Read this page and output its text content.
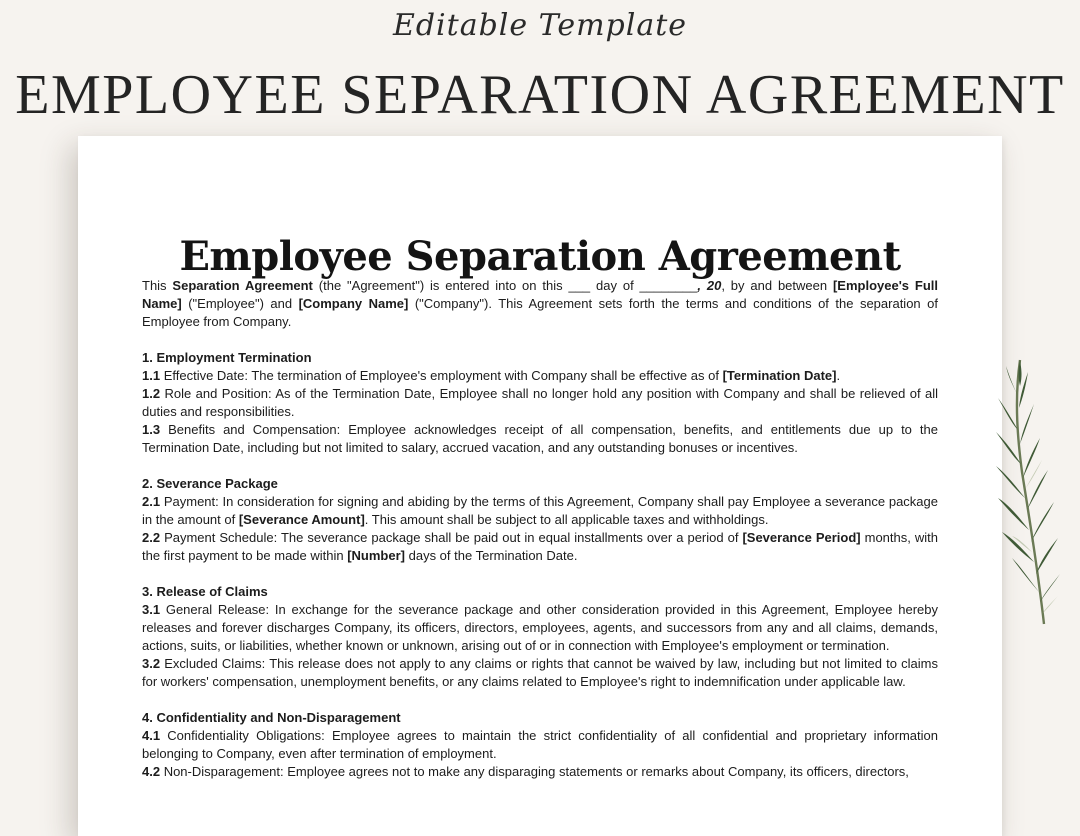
Editable Template
EMPLOYEE SEPARATION AGREEMENT
Employee Separation Agreement

This Separation Agreement (the "Agreement") is entered into on this ___ day of ________, 20, by and between [Employee's Full Name] ("Employee") and [Company Name] ("Company"). This Agreement sets forth the terms and conditions of the separation of Employee from Company.

1. Employment Termination

1.1 Effective Date: The termination of Employee's employment with Company shall be effective as of [Termination Date].

1.2 Role and Position: As of the Termination Date, Employee shall no longer hold any position with Company and shall be relieved of all duties and responsibilities.

1.3 Benefits and Compensation: Employee acknowledges receipt of all compensation, benefits, and entitlements due up to the Termination Date, including but not limited to salary, accrued vacation, and any outstanding bonuses or incentives.

2. Severance Package

2.1 Payment: In consideration for signing and abiding by the terms of this Agreement, Company shall pay Employee a severance package in the amount of [Severance Amount]. This amount shall be subject to all applicable taxes and withholdings.

2.2 Payment Schedule: The severance package shall be paid out in equal installments over a period of [Severance Period] months, with the first payment to be made within [Number] days of the Termination Date.

3. Release of Claims

3.1 General Release: In exchange for the severance package and other consideration provided in this Agreement, Employee hereby releases and forever discharges Company, its officers, directors, employees, agents, and successors from any and all claims, demands, actions, suits, or liabilities, whether known or unknown, arising out of or in connection with Employee's employment or termination.

3.2 Excluded Claims: This release does not apply to any claims or rights that cannot be waived by law, including but not limited to claims for workers' compensation, unemployment benefits, or any claims related to Employee's right to indemnification under applicable law.

4. Confidentiality and Non-Disparagement

4.1 Confidentiality Obligations: Employee agrees to maintain the strict confidentiality of all confidential and proprietary information belonging to Company, even after termination of employment.

4.2 Non-Disparagement: Employee agrees not to make any disparaging statements or remarks about Company, its officers, directors,
